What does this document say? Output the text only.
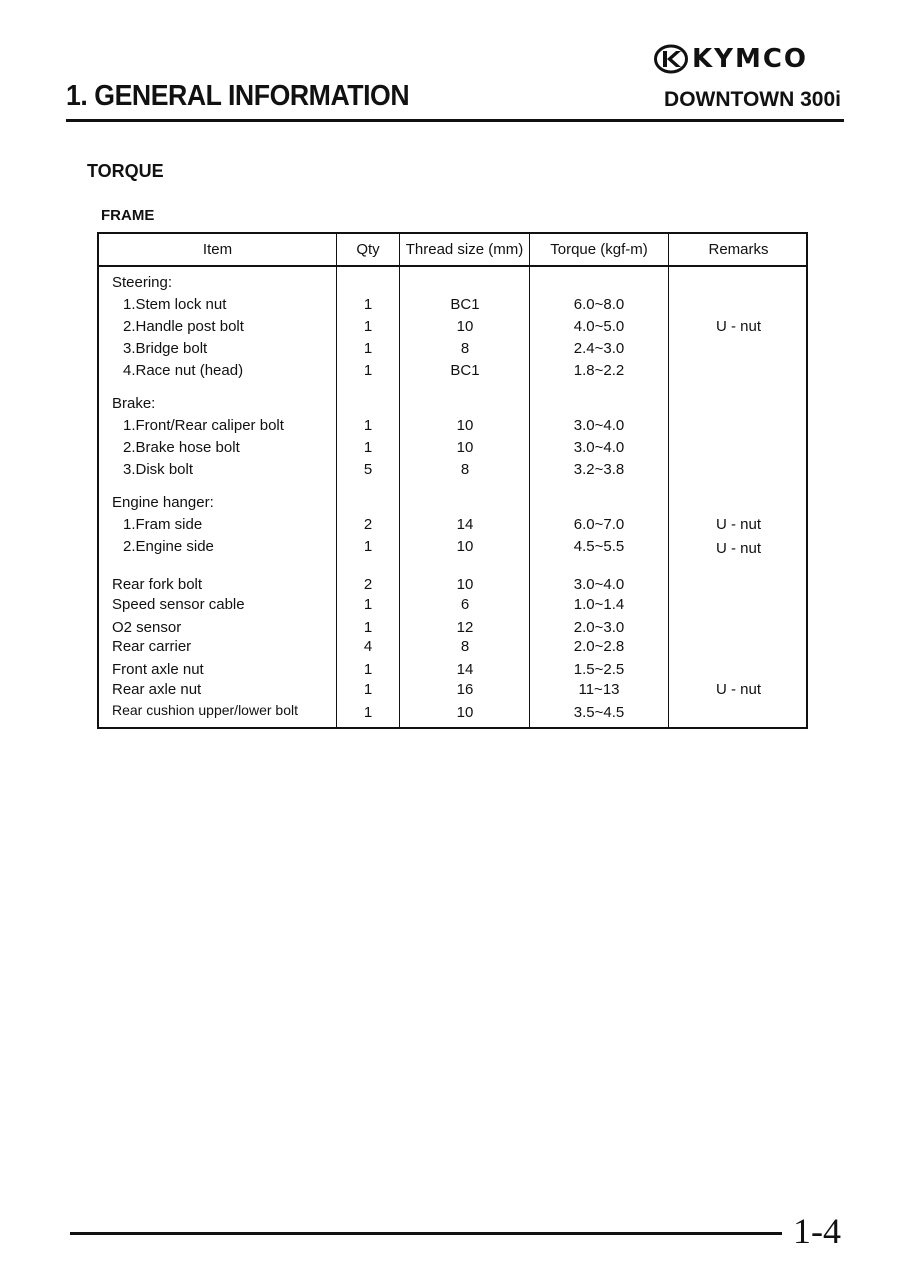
KYMCO
1. GENERAL INFORMATION	DOWNTOWN 300i
TORQUE
FRAME
Item	Qty	Thread size (mm)	Torque (kgf-m)	Remarks
Steering:
1.Stem lock nut	1	BC1	6.0~8.0
2.Handle post bolt	1	10	4.0~5.0	U - nut
3.Bridge bolt	1	8	2.4~3.0
4.Race nut (head)	1	BC1	1.8~2.2
Brake:
1.Front/Rear caliper bolt	1	10	3.0~4.0
2.Brake hose bolt	1	10	3.0~4.0
3.Disk bolt	5	8	3.2~3.8
Engine hanger:
1.Fram side	2	14	6.0~7.0	U - nut
2.Engine side	1	10	4.5~5.5	U - nut
Rear fork bolt	2	10	3.0~4.0
Speed sensor cable	1	6	1.0~1.4
O2 sensor	1	12	2.0~3.0
Rear carrier	4	8	2.0~2.8
Front axle nut	1	14	1.5~2.5
Rear axle nut	1	16	11~13	U - nut
Rear cushion upper/lower bolt	1	10	3.5~4.5
1-4
